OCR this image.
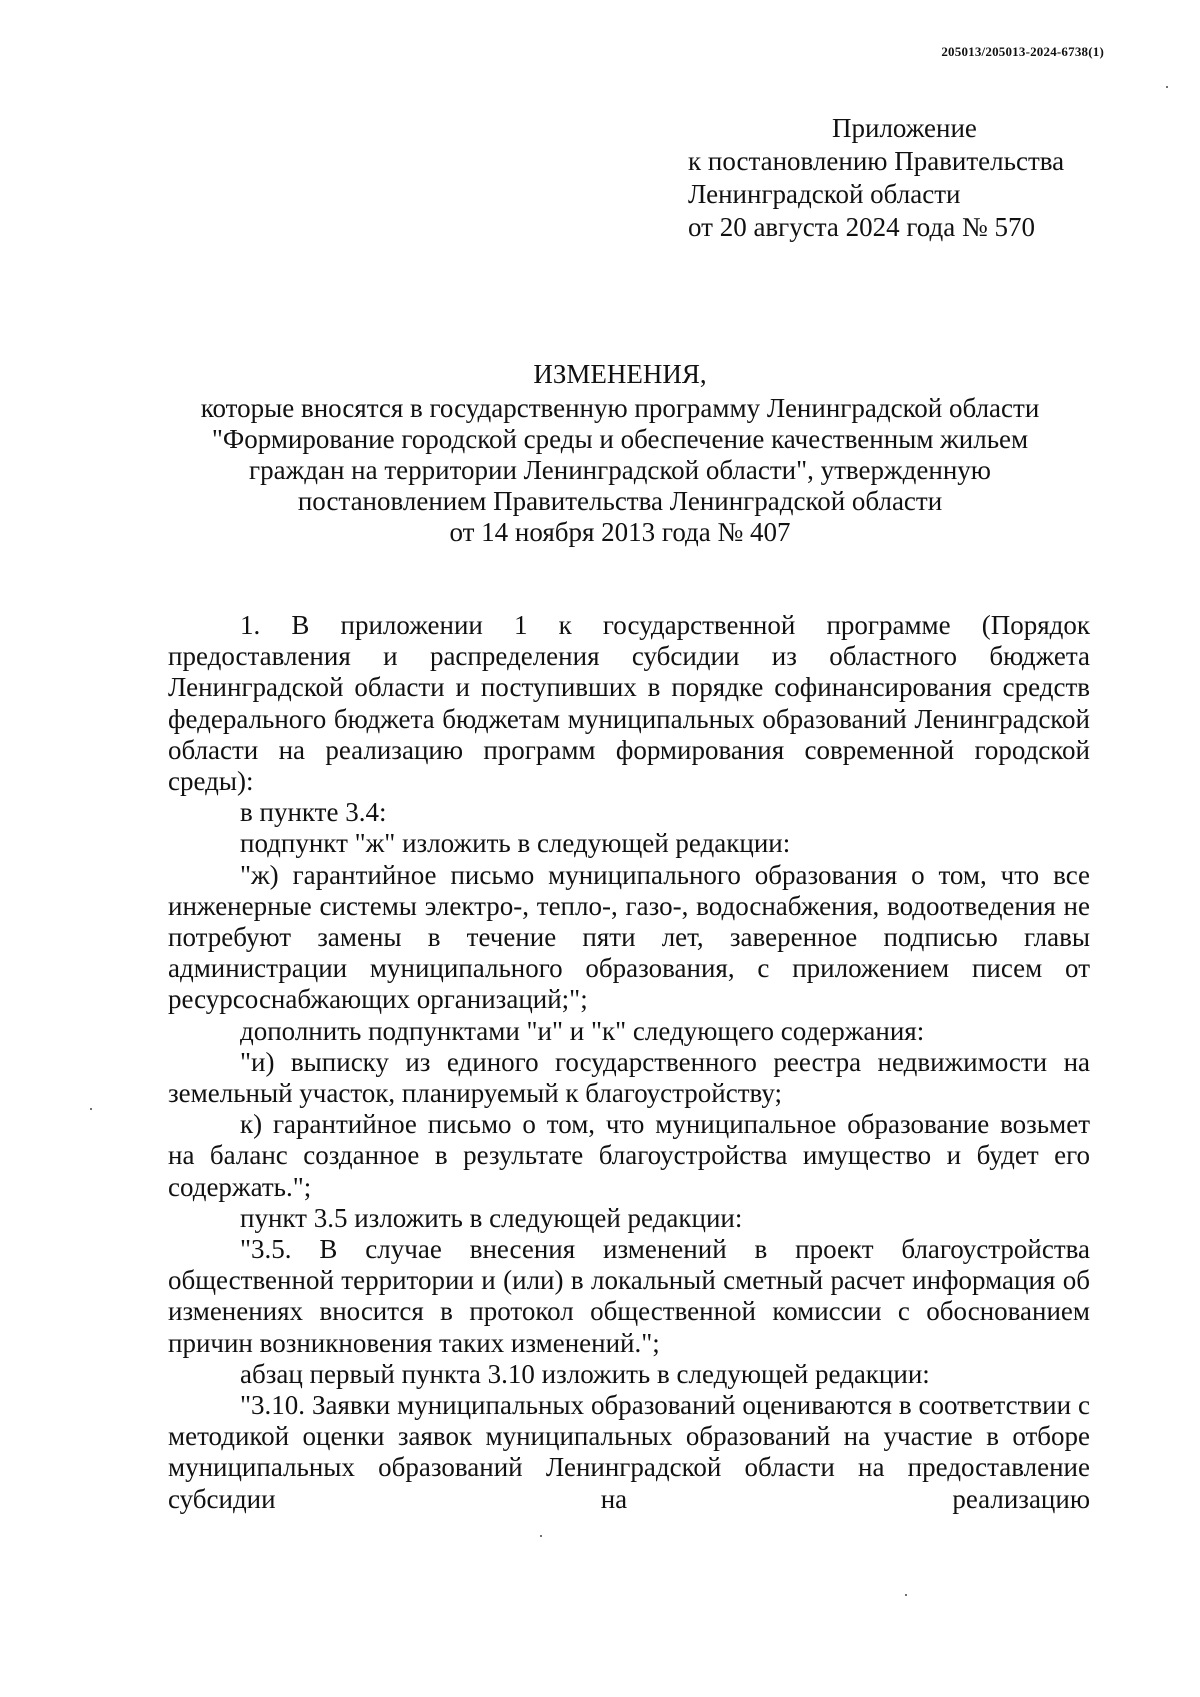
205013/205013-2024-6738(1)
Приложение
к постановлению Правительства
Ленинградской области
от 20 августа 2024 года № 570
ИЗМЕНЕНИЯ,
которые вносятся в государственную программу Ленинградской области
"Формирование городской среды и обеспечение качественным жильем
граждан на территории Ленинградской области", утвержденную
постановлением Правительства Ленинградской области
от 14 ноября 2013 года № 407

1. В приложении 1 к государственной программе (Порядок предоставления и распределения субсидии из областного бюджета Ленинградской области и поступивших в порядке софинансирования средств федерального бюджета бюджетам муниципальных образований Ленинградской области на реализацию программ формирования современной городской среды):

в пункте 3.4:

подпункт "ж" изложить в следующей редакции:

"ж) гарантийное письмо муниципального образования о том, что все инженерные системы электро-, тепло-, газо-, водоснабжения, водоотведения не потребуют замены в течение пяти лет, заверенное подписью главы администрации муниципального образования, с приложением писем от ресурсоснабжающих организаций;";

дополнить подпунктами "и" и "к" следующего содержания:

"и) выписку из единого государственного реестра недвижимости на земельный участок, планируемый к благоустройству;

к) гарантийное письмо о том, что муниципальное образование возьмет на баланс созданное в результате благоустройства имущество и будет его содержать.";

пункт 3.5 изложить в следующей редакции:

"3.5. В случае внесения изменений в проект благоустройства общественной территории и (или) в локальный сметный расчет информация об изменениях вносится в протокол общественной комиссии с обоснованием причин возникновения таких изменений.";

абзац первый пункта 3.10 изложить в следующей редакции:

"3.10. Заявки муниципальных образований оцениваются в соответствии с методикой оценки заявок муниципальных образований на участие в отборе муниципальных образований Ленинградской области на предоставление субсидии на реализацию
